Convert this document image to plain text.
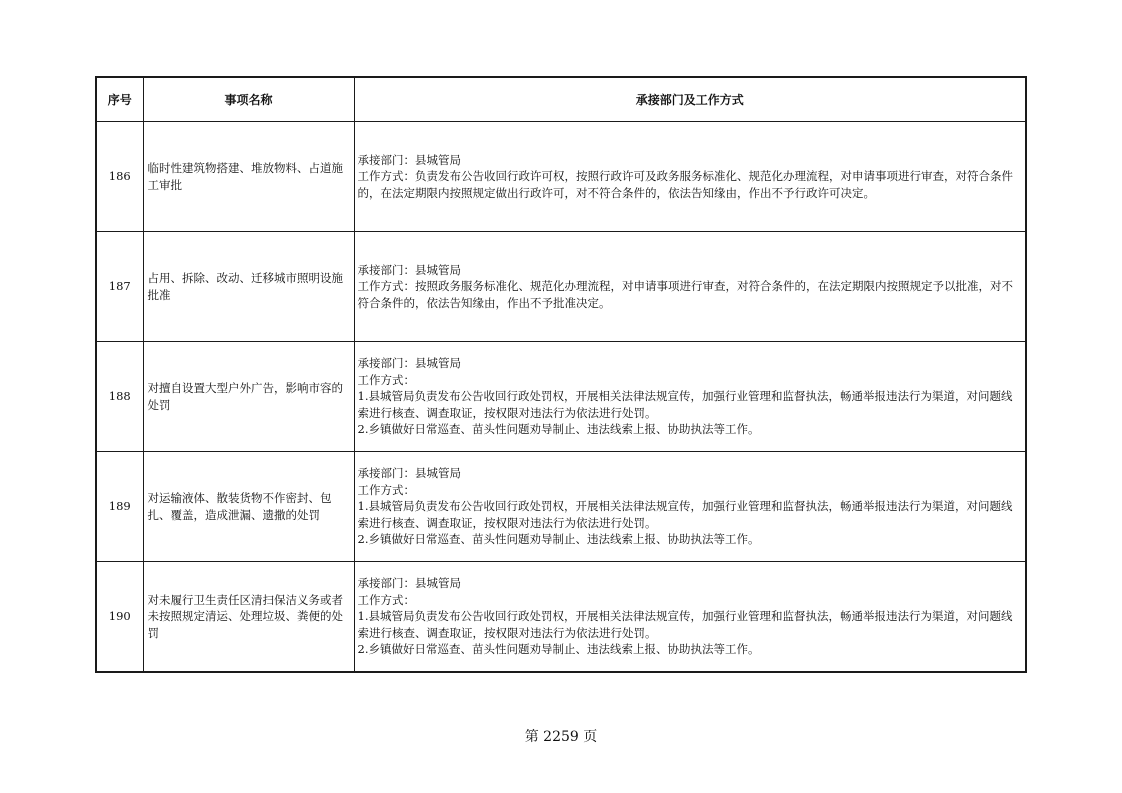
序号	事项名称	承接部门及工作方式
186	临时性建筑物搭建、堆放物料、占道施工审批	承接部门：县城管局
工作方式：负责发布公告收回行政许可权，按照行政许可及政务服务标准化、规范化办理流程，对申请事项进行审查，对符合条件的，在法定期限内按照规定做出行政许可，对不符合条件的，依法告知缘由，作出不予行政许可决定。

187	占用、拆除、改动、迁移城市照明设施批准	承接部门：县城管局
工作方式：按照政务服务标准化、规范化办理流程，对申请事项进行审查，对符合条件的，在法定期限内按照规定予以批准，对不符合条件的，依法告知缘由，作出不予批准决定。

188	对擅自设置大型户外广告，影响市容的处罚	承接部门：县城管局
工作方式：
1.县城管局负责发布公告收回行政处罚权，开展相关法律法规宣传，加强行业管理和监督执法，畅通举报违法行为渠道，对问题线索进行核查、调查取证，按权限对违法行为依法进行处罚。
2.乡镇做好日常巡查、苗头性问题劝导制止、违法线索上报、协助执法等工作。

189	对运输液体、散装货物不作密封、包扎、覆盖，造成泄漏、遗撒的处罚	承接部门：县城管局
工作方式：
1.县城管局负责发布公告收回行政处罚权，开展相关法律法规宣传，加强行业管理和监督执法，畅通举报违法行为渠道，对问题线索进行核查、调查取证，按权限对违法行为依法进行处罚。
2.乡镇做好日常巡查、苗头性问题劝导制止、违法线索上报、协助执法等工作。

190	对未履行卫生责任区清扫保洁义务或者未按照规定清运、处理垃圾、粪便的处罚	承接部门：县城管局
工作方式：
1.县城管局负责发布公告收回行政处罚权，开展相关法律法规宣传，加强行业管理和监督执法，畅通举报违法行为渠道，对问题线索进行核查、调查取证，按权限对违法行为依法进行处罚。
2.乡镇做好日常巡查、苗头性问题劝导制止、违法线索上报、协助执法等工作。
第 2259 页
